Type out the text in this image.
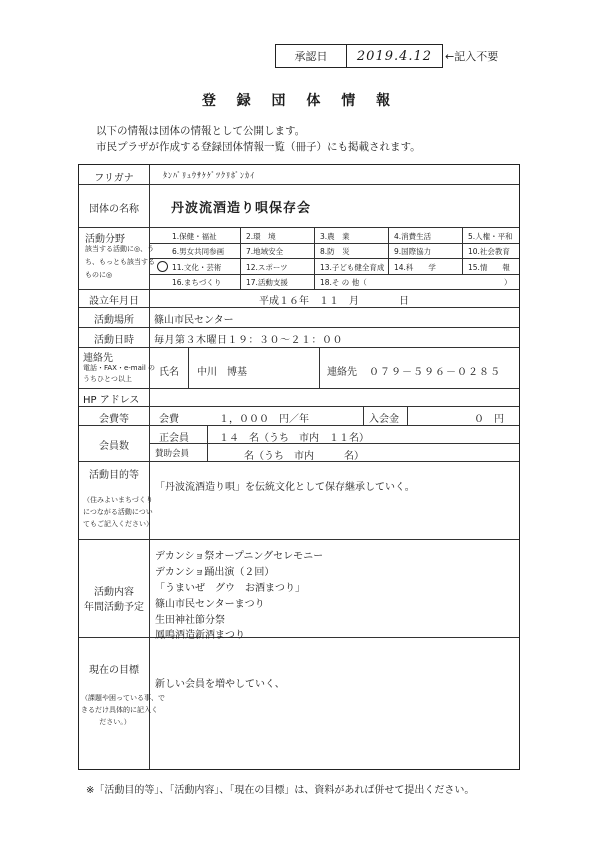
承認日	2019.4.12	←記入不要
登 録 団 体 情 報
以下の情報は団体の情報として公開します。
市民プラザが作成する登録団体情報一覧（冊子）にも掲載されます。
フリガナ	ﾀﾝﾊﾞﾘｭｳｻｹｹﾞﾂｸﾘﾎﾞﾝｶｲ
団体の名称	丹波流酒造り唄保存会
活動分野
該当する活動に◎、う
ち、もっとも該当する
ものに◎
1.保健・福祉	2.環　境	3.農　業	4.消費生活	5.人権・平和
6.男女共同参画	7.地域安全	8.防　災	9.国際協力	10.社会教育
11.文化・芸術	12.スポーツ	13.子ども健全育成 14.科　　学	15.情　　報
16.まちづくり	17.活動支援	18.そ の 他（	）
設立年月日	平成１６年　１１　月　　　　日
活動場所	篠山市民センター
活動日時	毎月第３木曜日１９：３０～２１：００
連絡先
電話・FAX・e-mail の
うちひとつ以上
氏名 中川　博基	連絡先 ０７９－５９６－０２８５
HP アドレス
会費等	会費	１，０００　円／年	入会金	０　円
会員数
正会員	１４　名（うち　市内　１１名）
賛助会員	名（うち　市内　　　名）
活動目的等
（住みよいまちづくり
につながる活動につい
てもご記入ください）
「丹波流酒造り唄」を伝統文化として保存継承していく。
活動内容
年間活動予定
デカンショ祭オープニングセレモニー
デカンショ踊出演（２回）
「うまいぜ　グウ　お酒まつり」
篠山市民センターまつり
生田神社節分祭
鳳鳴酒造新酒まつり
現在の目標
（課題や困っている事、で
きるだけ具体的に記入く
ださい。）
新しい会員を増やしていく、
※「活動目的等」、「活動内容」、「現在の目標」は、資料があれば併せて提出ください。
